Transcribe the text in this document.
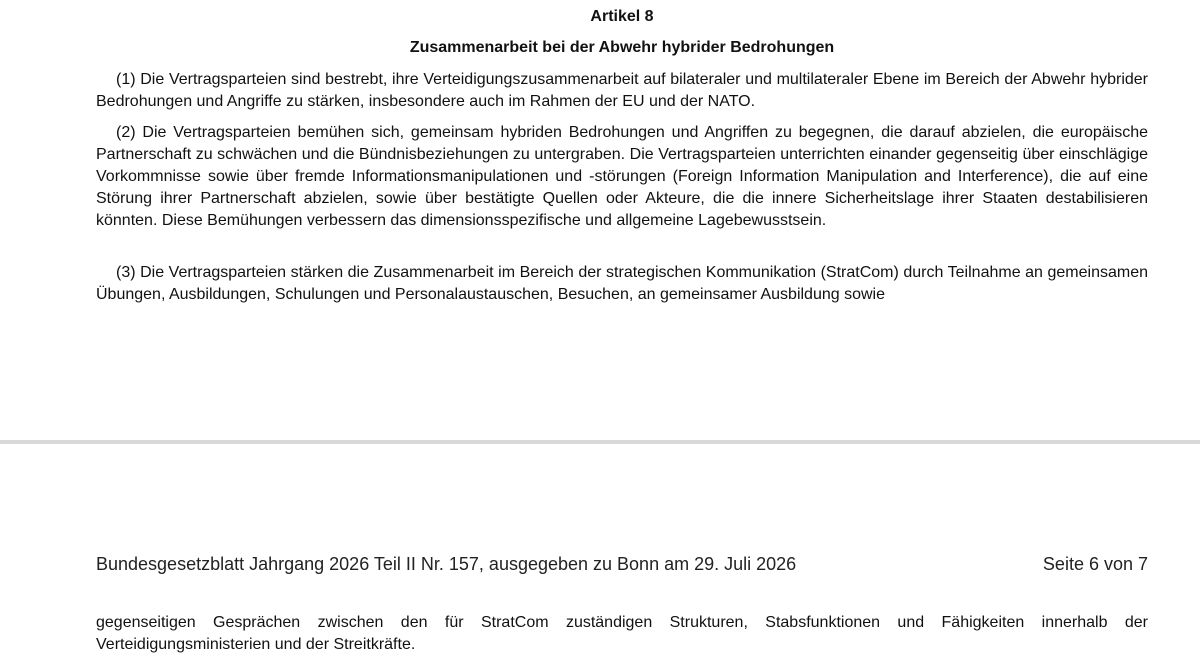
Artikel 8
Zusammenarbeit bei der Abwehr hybrider Bedrohungen

(1) Die Vertragsparteien sind bestrebt, ihre Verteidigungszusammenarbeit auf bilateraler und multilateraler Ebene im Bereich der Abwehr hybrider Bedrohungen und Angriffe zu stärken, insbesondere auch im Rahmen der EU und der NATO.

(2) Die Vertragsparteien bemühen sich, gemeinsam hybriden Bedrohungen und Angriffen zu begegnen, die darauf abzielen, die europäische Partnerschaft zu schwächen und die Bündnisbeziehungen zu untergraben. Die Vertragsparteien unterrichten einander gegenseitig über einschlägige Vorkommnisse sowie über fremde Informationsmanipulationen und -störungen (Foreign Information Manipulation and Interference), die auf eine Störung ihrer Partnerschaft abzielen, sowie über bestätigte Quellen oder Akteure, die die innere Sicherheitslage ihrer Staaten destabilisieren könnten. Diese Bemühungen verbessern das dimensionsspezifische und allgemeine Lagebewusstsein.

(3) Die Vertragsparteien stärken die Zusammenarbeit im Bereich der strategischen Kommunikation (StratCom) durch Teilnahme an gemeinsamen Übungen, Ausbildungen, Schulungen und Personalaustauschen, Besuchen, an gemeinsamer Ausbildung sowie

Bundesgesetzblatt Jahrgang 2026 Teil II Nr. 157, ausgegeben zu Bonn am 29. Juli 2026	Seite 6 von 7

gegenseitigen Gesprächen zwischen den für StratCom zuständigen Strukturen, Stabsfunktionen und Fähigkeiten innerhalb der Verteidigungsministerien und der Streitkräfte.
